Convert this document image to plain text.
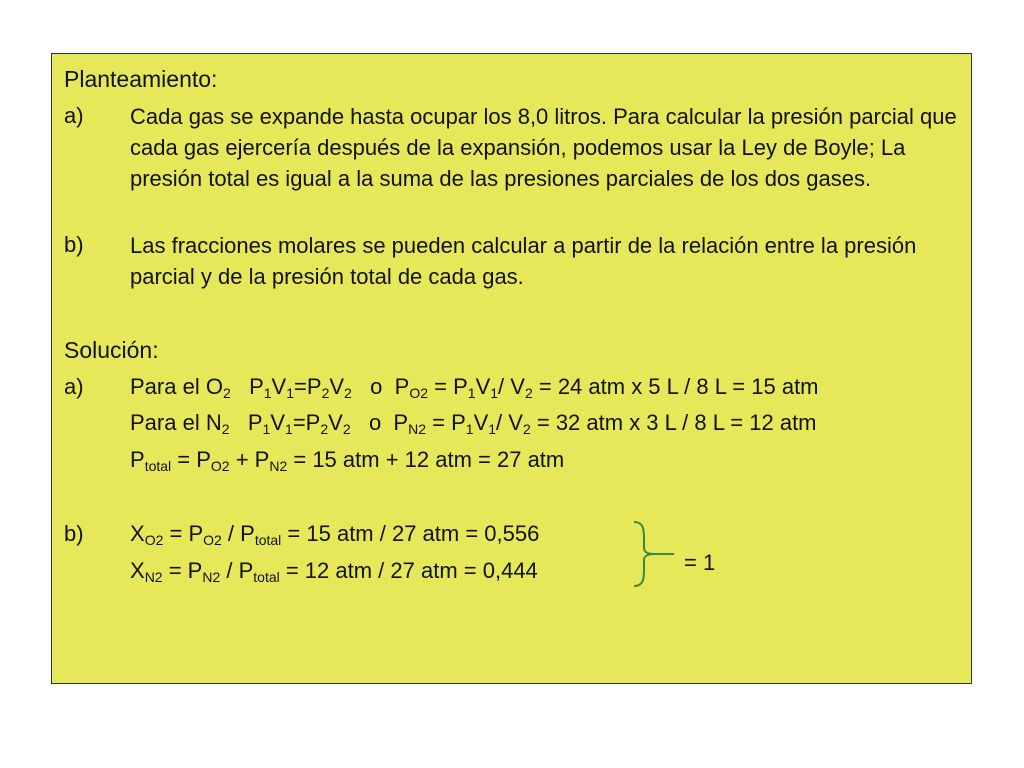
Planteamiento:
a) Cada gas se expande hasta ocupar los 8,0 litros. Para calcular la presión parcial que cada gas ejercería después de la expansión, podemos usar la Ley de Boyle; La presión total es igual a la suma de las presiones parciales de los dos gases.
b) Las fracciones molares se pueden calcular a partir de la relación entre la presión parcial y de la presión total de cada gas.
Solución:
a) Para el $O_2$   $P_1V_1=P_2V_2$   o  $P_{O2} = P_1V_1/$ $V_2 = 24$ atm x 5 L / 8 L = 15 atm
Para el $N_2$   $P_1V_1=P_2V_2$   o  $P_{N2} = P_1V_1/$ $V_2 = 32$ atm x 3 L / 8 L = 12 atm
$P_{total} = P_{O2} + P_{N2} = 15$ atm + 12 atm = 27 atm
b) $X_{O2} = P_{O2} / P_{total} = 15$ atm / 27 atm = 0,556
$X_{N2} = P_{N2} / P_{total} = 12$ atm / 27 atm = 0,444	= 1
